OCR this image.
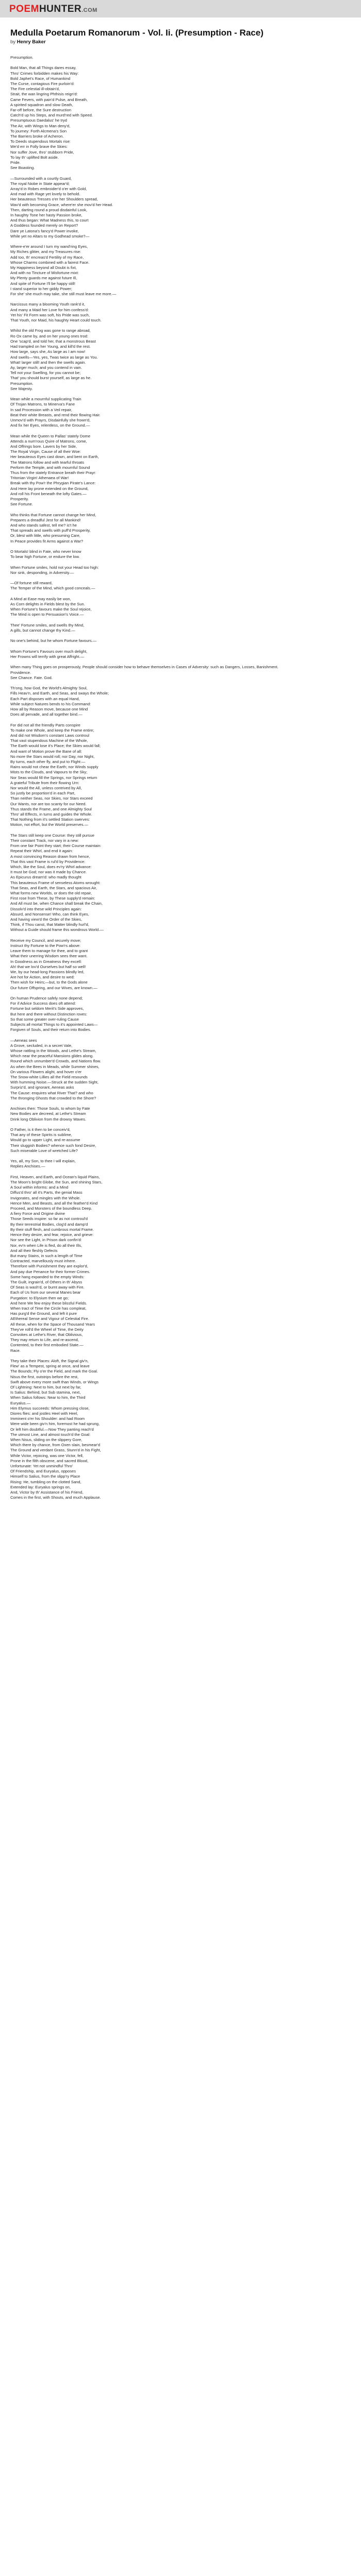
POEMHUNTER.COM
Medulla Poetarum Romanorum - Vol. Ii. (Presumption - Race)
by Henry Baker

Presumption.

Bold Man, that all Things dares essay,
Thro' Crimes forbidden makes his Way:
Bold Japhet's Race, of Humankind
The Curse, contagious Fire purloin'd:
The Fire celestial ill-obtain'd,
Strait, the wan lingring Phthisis reign'd:
Came Fevers, with pain'd Pulse, and Breath,
A spirited squadron and slow Death,
Far-off before, the Sure destruction
Catch'd up his Steps, and murd'red with Speed.
Presumptuous Daedalus' he tryd
The Air, with Wings to Man deny'd,
To journey: Forth Alcmena's Son
The Barriers broke of Acheron.
To Deeds stupendous Mortals rise:
We'd err in Folly brave the Skies:
Nor suffer Jove, thro' stubborn Pride,
To lay th' uplifted Bolt aside.
Pride.
See Boasting.

—Surrounded with a courtly Guard,
The royal Niobe in State appear'd;
Array'd in Robes embroider'd o'er with Gold,
And mad with Rage yet lovely to behold.
Her beauteous Tresses o'er her Shoulders spread,
Wav'd with becoming Grace, where'er she mov'd her Head.
Then, darting round a proud disdainful Look,
In haughty Tone her hasty Passion broke,
And thus began: What Madness this, to court
A Goddess founded merely on Report?
Dare ye Latona's fancy'd Power invoke,
While yet no Altars to my Godhead smoke?—

Where-e'er around I turn my wand'ring Eyes,
My Riches glitter, and my Treasures rise:
Add too, th' encreas'd Fertility of my Race,
Whose Charms combined with a fairest Face.
My Happiness beyond all Doubt is fixt,
And with no Tincture of Misfortune mixt:
My Plenty guards me against future Ill,
And spite of Fortune I'll be happy still!
I stand superior to her giddy Power;
For she' she much may take, she still must leave me more.—

Narcissus many a blooming Youth rank'd it,
And many a Maid her Love for him confess'd:
Yet his' Fit Form was soft, his Pride was such,
That Youth, nor Maid, his haughty Heart could touch.

Whilst the old Frog was gone to range abroad,
Ro Ox came by, and on her young ones trod:
One 'scap'd, and told her, that a monstrous Beast
Had trampled on her Young, and kill'd the rest.
How large, says she, As large as I am now!
And swells—Yes, yes, Twas twice as large as You.
What! larger still! and then the swells again.
Ay, larger much; and you contend in vain.
Tell not your Swelling, for you cannot be;
That' you should burst yourself, as large as he.
Presumption.
See Majesty.

Mean while a mournful supplicating Train
Of Trojan Matrons, to Minerva's Fane
In sad Procession with a Veil repair,
Beat their white Breasts, and rend their flowing Hair.
Unmov'd with Prayrs, Disdainfully she frown'd,
And fix her Eyes, relentless, on the Ground.—

Mean while the Queen to Pallas' stately Dome
Attends a num'rous Quire of Matrons, come,
And Offrings bore. Lavers by her Side,
The Royal Virgin, Cause of all their Woe:
Her beauteous Eyes cast down, and bent on Earth,
The Matrons follow and with tearful throats
Perform the Temple, and with mournful Sound
Thus from the stately Entrance breath their Prayr:
Tritonian Virgin! Athenaea of War!
Break with thy Pow'r the Phrygian Pirate's Lance:
And Here lay prone extended on the Ground,
And roll his Front beneath the lofty Gates.—
Prosperity.
See Fortune.

Who thinks that Fortune cannot change her Mind,
Prepares a dreadful Jest for all Mankind!
And who stands safest, tell me? is't he
That spreads and swells with puff'd Prosperity,
Or, blest with little, who presuming Care,
In Peace provides fit Arms against a War?

O Mortals! blind in Fate, who never know
To bear high Fortune, or endure the low.

When Fortune smiles, hold not your Head too high:
Nor sink, desponding, in Adversity.—

—Of fortune still reward,
The Temper of the Mind, which good conceals.—

A Mind at Ease may easily be won,
As Corn delights in Fields blest by the Sun.
When Fortune's favours make the Soul rejoice,
The Mind is open to Persuasion's Voice.—

Thee' Fortune smiles, and swells thy Mind,
A gills, but cannot change thy Kind.—

No one's behind, but he whom Fortune favours.—

Whom Fortune's Favours over much delight,
Her Frowns will terrify with great Affright.—

When many Thing goes on prosperously, People should consider how to behave themselves in Cases of Adversity: such as Dangers, Losses, Banishment.
Providence.
See Chance. Fate. God.

Th'ong, how God, the World's Almighty Soul,
Fills Heav'n, and Earth, and Seas, and sways the Whole;
Each Part disposes with an equal Hand,
While subject Natures bends to his Command:
How all by Reason move, because one Mind
Does all pervade, and all together bind.—

For did not all the friendly Parts conspire
To make one Whole, and keep the Frame entire;
And did not Wisdom's constant Laws controul
That vast stupendous Machine of the Whole,
The Earth would lose it's Place; the Skies would fall;
And want of Motion prove the Bane of all:
No more the Stars would roll; nor Day, nor Night,
By turns, each other fly, and put to Flight:—
Rains would not chear the Earth; nor Winds supply
Mists to the Clouds, and Vapours to the Sky;
Nor Seas would fill the Springs, nor Springs return
A grateful Tribute from their flowing Urn:
Nor would the All, unless contrived by All,
So justly be proportion'd in each Part,
Than neither Seas, nor Skies, nor Stars exceed
Our Wants, nor are too scanty for our Need.
Thus stands the Frame, and one Almighty Soul
Thro' all Effects, in turns and guides the Whole.
That Nothing from it's settled Station swerves:
Motion, not effort, but the World preserves.—

The Stars still keep one Course: they still pursue
Their constant Track, nor vary in a new:
From one fair Point they start; their Course maintain:
Repeat their Whirl, and end it again:
A most convincing Reason drawn from hence,
That this vast Frame is rul'd by Providence:
Which, like the Soul, does ev'ry Whirl advance:
It must be God; nor was it made by Chance.
As Epicurus dream'd: who madly thought
This beauteous Frame of senseless Atoms wrought:
That Seas, and Earth, the Stars, and spacious Air,
What forms new Worlds, or does the old repair,
First rose from These, by These supply'd remain:
And All must be, when Chance shall break the Chain,
Dissolv'd into these wild Principles again:
Absurd, and Nonsense! Who, can think Eyes,
And having view'd the Order of the Skies,
Think, if Thou canst, that Matter blindly hurl'd,
Without a Guide should frame this wondrous World.—

Receive my Council, and securely move;
Instruct thy Fortune to the Pow'rs above:
Leave them to manage for thee, and to grant
What their unerring Wisdom sees thee want.
In Goodness as in Greatness they excell:
Ah! that we lov'd Ourselves but half so well!
We, by our head-long Passions blindly led,
Are hot for Action, and desire to wed:
Then wish for Heirs;—but, to the Gods alone
Our future Offspring, and our Wives, are known.—

On human Prudence safely none depend;
For if Advice Success does oft attend:
Fortune but seldom Merit's Side approves,
But here and there without Distinction roves:
So that some greater over-ruling Cause
Subjects all mortal Things to it's appointed Laws—
Forgiven of Souls, and their return into Bodies.

—Aeneas sees
A Grove, secluded, in a secret Vale,
Whose rattling in the Woods, and Lethe's Stream,
Which near the peaceful Mansions glides along.
Round which unnumber'd Crowds, and Nations flow.
As when the Bees in Meads, while Summer shines,
On various Flowers alight, and hover o'er
The Snow-white Lillies all the Field resounds
With humming Noise.—Struck at the sudden Sight,
Surpriz'd, and ignorant, Aeneas asks
The Cause: enquires what River That? and who
The thronging Ghosts that crowded to the Shore?

Anchises then: Those Souls, to whom by Fate
New Bodies are decreed, at Lethe's Stream
Drink long Oblivion from the drowsy Waves.

O Father, is it then to be conceiv'd,
That any of these Spirits is sublime,
Would go to upper Light, and re-assume
Their sluggish Bodies? whence such fond Desire,
Such miserable Love of wretched Life?

Yes, all, my Son, to thee I will explain,
Replies Anchises.—

First, Heaven, and Earth, and Ocean's liquid Plains,
The Moon's bright Globe, the Sun, and shining Stars,
A Soul within informs: and a Mind
Diffus'd thro' all it's Parts, the genial Mass
Invigorates, and mingles with the Whole.
Hence Men, and Beasts, and all the feather'd Kind
Proceed, and Monsters of the boundless Deep.
A fiery Force and Origine divine
Those Seeds inspire: so far as not controul'd
By their terrestrial Bodies, clog'd and damp'd
By their stuff flesh, and cumbrous mortal Frame.
Hence they desire, and fear, rejoice, and grieve:
Nor see the Light, in Prison dark confin'd:
Nor, ev'n when Life is fled, do all their Ills,
And all their fleshly Defects
But many Stains, in such a length of Time
Contracted, marvellously must inhere.
Therefore with Punishment they are explor'd,
And pay due Penance for their former Crimes.
Some hang expanded to the empty Winds:
The Guilt, ingrain'd, of Others in th' Abyss
Of Seas is wash'd, or burnt away with Fire.
Each of Us from our several Manes bear
Purgation: to Elysium then we go;
And here We few enjoy these blissful Fields.
When tract of Time the Circle has compleat,
Has purg'd the Ground, and left it pure
AEthereal Sense and Vigour of Celestial Fire.
All these, when for the Space of Thousand Years
They've roll'd the Wheel of Time, the Deity
Convokes at Lethe's River, that Oblivious,
They may return to Life, and re-ascend,
Contented, to their first embodied State.—
Race.

They take their Places: Aloft, the Signal giv'n,
Flew' as a Tempest, spring at once, and leave
The Bounds; Fly o'er the Field, and mark the Goal.
Nisus the first, outstrips before the rest,
Swift above every more swift than Winds, or Wings
Of Lightning: Next to him, but next by far,
Is Salius: Behind, but Sub stamina, next,
When Salius follows: Near to him, the Third
Euryalus.—
Him Elymus succeeds: Whom pressing close,
Diores flies: and jostles Heel with Heel,
Imminent o'er his Shoulder: and had Room
Were wide been giv'n him, foremost he had sprung,
Or left him doubtful.—Now They panting reach'd
The utmost Line, and almost touch'd the Goal:
When Nisus, sliding on the slippery Gore,
Which there by chance, from Oxen slain, besmear'd
The Ground and verdant Grass, Stunn'd in his Fight,
While Victor, rejoicing, was one Victor, fell,
Prone in the filth obscene, and sacred Blood,
Unfortunate: Yet not unmindful Thro'
Of Friendship, and Euryalus, opposes
Himself to Salius, from the slipp'ry Place
Rising: He, tumbling on the clotted Sand,
Extended lay: Euryalus springs on,
And, Victor by th' Assistance of his Friend,
Comes in the first, with Shouts, and much Applause.
